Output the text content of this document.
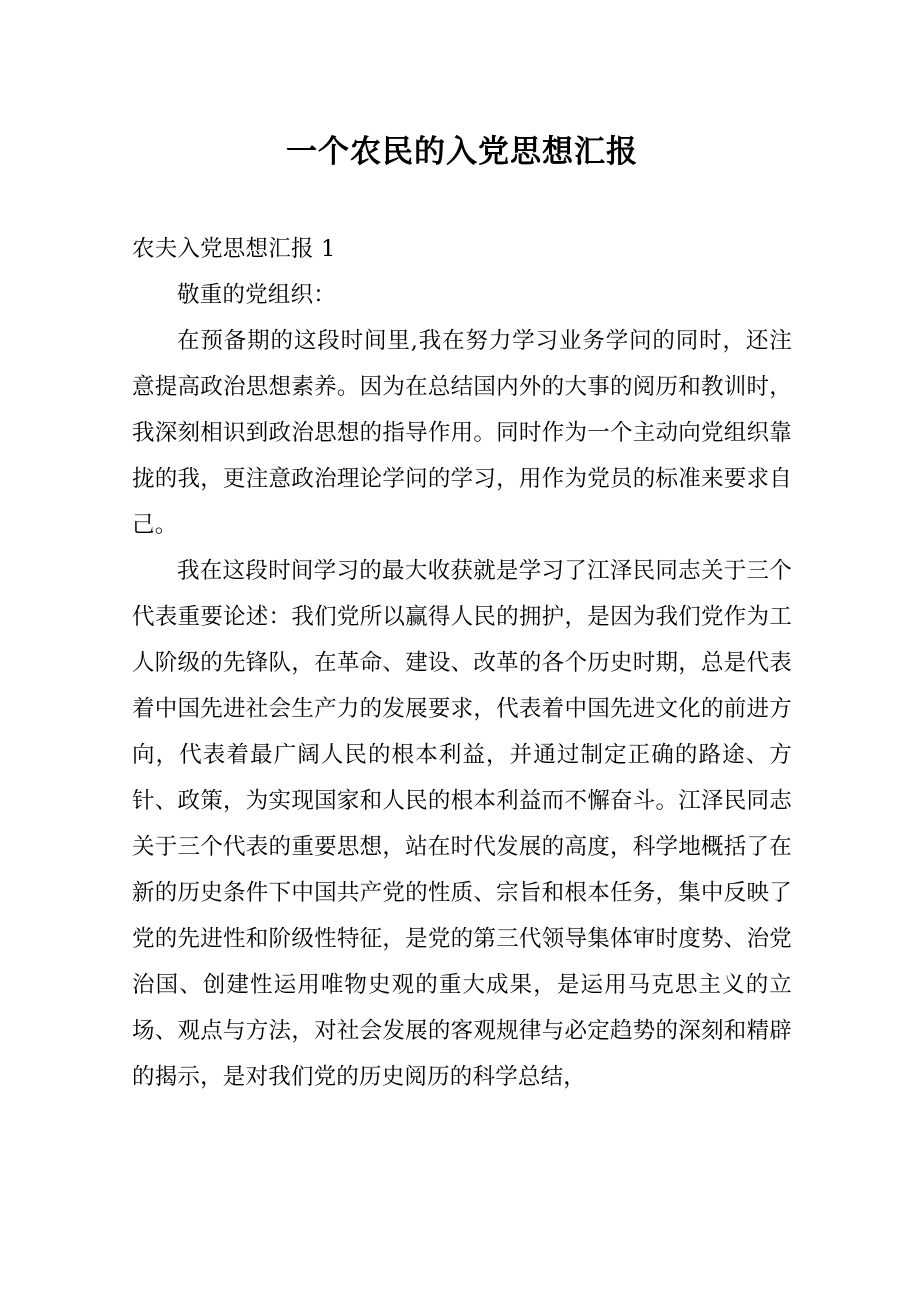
一个农民的入党思想汇报

农夫入党思想汇报 1

敬重的党组织：

在预备期的这段时间里,我在努力学习业务学问的同时，还注意提高政治思想素养。因为在总结国内外的大事的阅历和教训时，我深刻相识到政治思想的指导作用。同时作为一个主动向党组织靠拢的我，更注意政治理论学问的学习，用作为党员的标准来要求自己。

我在这段时间学习的最大收获就是学习了江泽民同志关于三个代表重要论述：我们党所以赢得人民的拥护，是因为我们党作为工人阶级的先锋队，在革命、建设、改革的各个历史时期，总是代表着中国先进社会生产力的发展要求，代表着中国先进文化的前进方向，代表着最广阔人民的根本利益，并通过制定正确的路途、方针、政策，为实现国家和人民的根本利益而不懈奋斗。江泽民同志关于三个代表的重要思想，站在时代发展的高度，科学地概括了在新的历史条件下中国共产党的性质、宗旨和根本任务，集中反映了党的先进性和阶级性特征，是党的第三代领导集体审时度势、治党治国、创建性运用唯物史观的重大成果，是运用马克思主义的立场、观点与方法，对社会发展的客观规律与必定趋势的深刻和精辟的揭示，是对我们党的历史阅历的科学总结，
